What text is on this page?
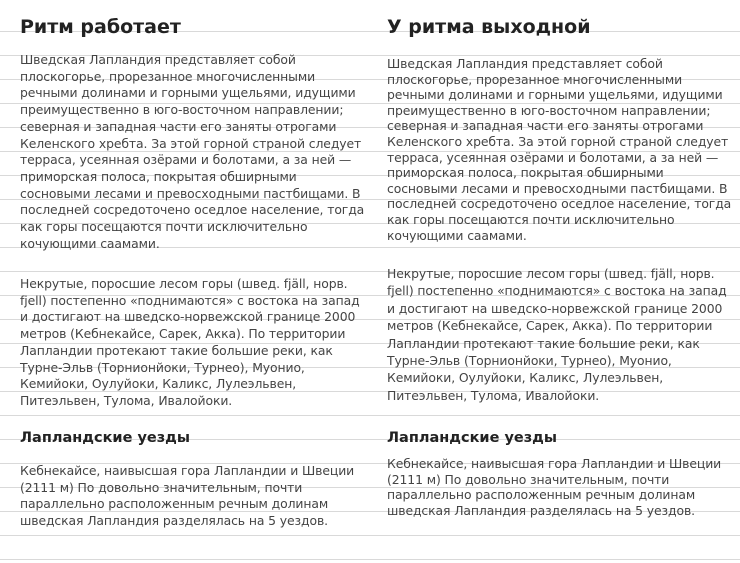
Ритм работает

Шведская Лапландия представляет собой плоскогорье, прорезанное многочисленными речными долинами и горными ущельями, идущими преимущественно в юго-восточном направлении; северная и западная части его заняты отрогами Келенского хребта. За этой горной страной следует терраса, усеянная озёрами и болотами, а за ней — приморская полоса, покрытая обширными сосновыми лесами и превосходными пастбищами. В последней сосредоточено оседлое население, тогда как горы посещаются почти исключительно кочующими саамами.

Некрутые, поросшие лесом горы (швед. fjäll, норв. fjell) постепенно «поднимаются» с востока на запад и достигают на шведско-норвежской границе 2000 метров (Кебнекайсе, Сарек, Акка). По территории Лапландии протекают такие большие реки, как Турне-Эльв (Торнионйоки, Турнео), Муонио, Кемийоки, Оулуйоки, Каликс, Лулеэльвен, Питеэльвен, Тулома, Ивалойоки.

Лапландские уезды

Кебнекайсе, наивысшая гора Лапландии и Швеции (2111 м) По довольно значительным, почти параллельно расположенным речным долинам шведская Лапландия разделялась на 5 уездов.

У ритма выходной

Шведская Лапландия представляет собой плоскогорье, прорезанное многочисленными речными долинами и горными ущельями, идущими преимущественно в юго-восточном направлении; северная и западная части его заняты отрогами Келенского хребта. За этой горной страной следует терраса, усеянная озёрами и болотами, а за ней — приморская полоса, покрытая обширными сосновыми лесами и превосходными пастбищами. В последней сосредоточено оседлое население, тогда как горы посещаются почти исключительно кочующими саамами.

Некрутые, поросшие лесом горы (швед. fjäll, норв. fjell) постепенно «поднимаются» с востока на запад и достигают на шведско-норвежской границе 2000 метров (Кебнекайсе, Сарек, Акка). По территории Лапландии протекают такие большие реки, как Турне-Эльв (Торнионйоки, Турнео), Муонио, Кемийоки, Оулуйоки, Каликс, Лулеэльвен, Питеэльвен, Тулома, Ивалойоки.

Лапландские уезды

Кебнекайсе, наивысшая гора Лапландии и Швеции (2111 м) По довольно значительным, почти параллельно расположенным речным долинам шведская Лапландия разделялась на 5 уездов.
